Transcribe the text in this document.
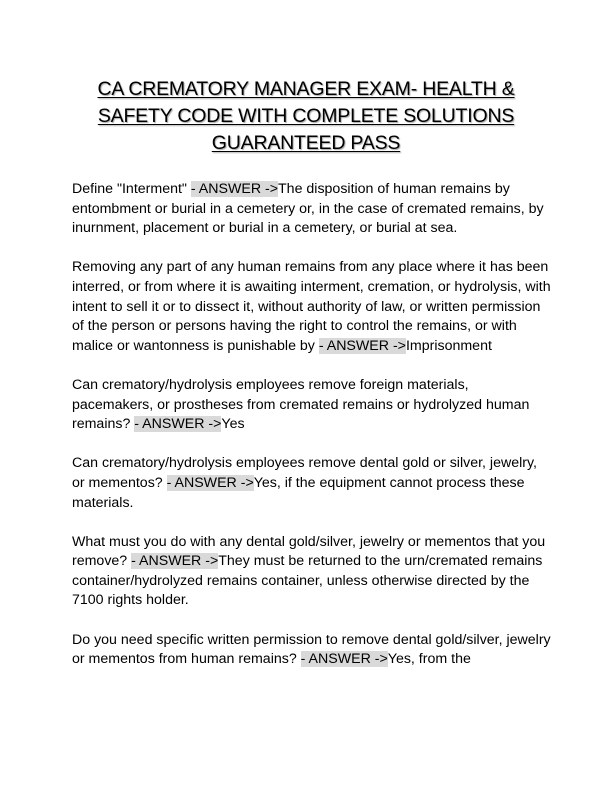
CA CREMATORY MANAGER EXAM- HEALTH & SAFETY CODE WITH COMPLETE SOLUTIONS GUARANTEED PASS

Define "Interment" - ANSWER ->The disposition of human remains by entombment or burial in a cemetery or, in the case of cremated remains, by inurnment, placement or burial in a cemetery, or burial at sea.

Removing any part of any human remains from any place where it has been interred, or from where it is awaiting interment, cremation, or hydrolysis, with intent to sell it or to dissect it, without authority of law, or written permission of the person or persons having the right to control the remains, or with malice or wantonness is punishable by - ANSWER ->Imprisonment

Can crematory/hydrolysis employees remove foreign materials, pacemakers, or prostheses from cremated remains or hydrolyzed human remains? - ANSWER ->Yes

Can crematory/hydrolysis employees remove dental gold or silver, jewelry, or mementos? - ANSWER ->Yes, if the equipment cannot process these materials.

What must you do with any dental gold/silver, jewelry or mementos that you remove? - ANSWER ->They must be returned to the urn/cremated remains container/hydrolyzed remains container, unless otherwise directed by the 7100 rights holder.

Do you need specific written permission to remove dental gold/silver, jewelry or mementos from human remains? - ANSWER ->Yes, from the
